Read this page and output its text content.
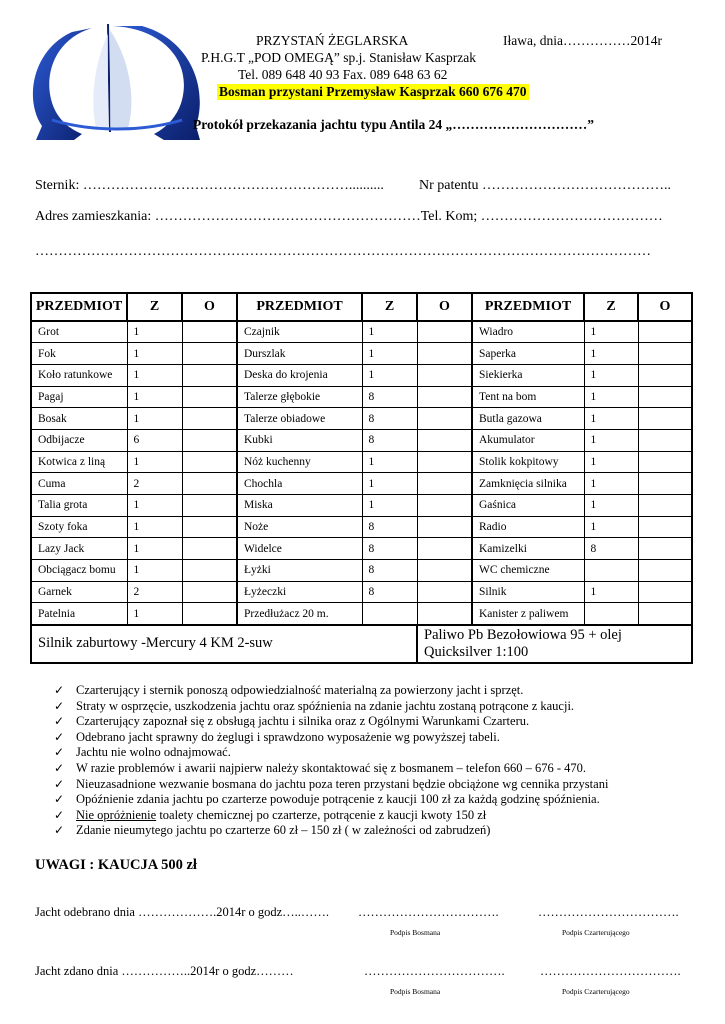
PRZYSTAŃ ŻEGLARSKA	Iława, dnia……………2014r
P.H.G.T „POD OMEGĄ” sp.j. Stanisław Kasprzak
Tel. 089 648 40 93 Fax. 089 648 63 62
Bosman przystani Przemysław Kasprzak 660 676 470
Protokół przekazania jachtu typu Antila 24 „…………………………”
Sternik: …………………………………………………..........	Nr patentu …………………………………..
Adres zamieszkania: …………………………………………………Tel. Kom; …………………………………
……………………………………………………………………………………………………………………
PRZEDMIOT	Z	O	PRZEDMIOT	Z	O	PRZEDMIOT	Z	O
Grot	1		Czajnik	1		Wiadro	1	
Fok	1		Durszlak	1		Saperka	1	
Koło ratunkowe	1		Deska do krojenia	1		Siekierka	1	
Pagaj	1		Talerze głębokie	8		Tent na bom	1	
Bosak	1		Talerze obiadowe	8		Butla gazowa	1	
Odbijacze	6		Kubki	8		Akumulator	1	
Kotwica z liną	1		Nóż kuchenny	1		Stolik kokpitowy	1	
Cuma	2		Chochla	1		Zamknięcia silnika	1	
Talia grota	1		Miska	1		Gaśnica	1	
Szoty foka	1		Noże	8		Radio	1	
Lazy Jack	1		Widelce	8		Kamizelki	8	
Obciągacz bomu	1		Łyżki	8		WC chemiczne		
Garnek	2		Łyżeczki	8		Silnik	1	
Patelnia	1		Przedłużacz 20 m.			Kanister z paliwem		
Silnik zaburtowy -Mercury 4 KM 2-suw					Paliwo Pb Bezołowiowa 95 + olej Quicksilver 1:100			
✓ Czarterujący i sternik ponoszą odpowiedzialność materialną za powierzony jacht i sprzęt.
✓ Straty w osprzęcie, uszkodzenia jachtu oraz spóźnienia na zdanie jachtu zostaną potrącone z kaucji.
✓ Czarterujący zapoznał się z obsługą jachtu i silnika oraz z Ogólnymi Warunkami Czarteru.
✓ Odebrano jacht sprawny do żeglugi i sprawdzono wyposażenie wg powyższej tabeli.
✓ Jachtu nie wolno odnajmować.
✓ W razie problemów i awarii najpierw należy skontaktować się z bosmanem – telefon 660 – 676 - 470.
✓ Nieuzasadnione wezwanie bosmana do jachtu poza teren przystani będzie obciążone wg cennika przystani
✓ Opóźnienie zdania jachtu po czarterze powoduje potrącenie z kaucji 100 zł za każdą godzinę spóźnienia.
✓ Nie opróżnienie toalety chemicznej po czarterze, potrącenie z kaucji kwoty 150 zł
✓ Zdanie nieumytego jachtu po czarterze 60 zł – 150 zł ( w zależności od zabrudzeń)
UWAGI : KAUCJA 500 zł
Jacht odebrano dnia ……………….2014r o godz…..……. …………………………….	…………………………….
Podpis Bosmana	Podpis Czarterującego
Jacht zdano dnia ……………..2014r o godz………	…………………………….	…………………………….
Podpis Bosmana	Podpis Czarterującego
